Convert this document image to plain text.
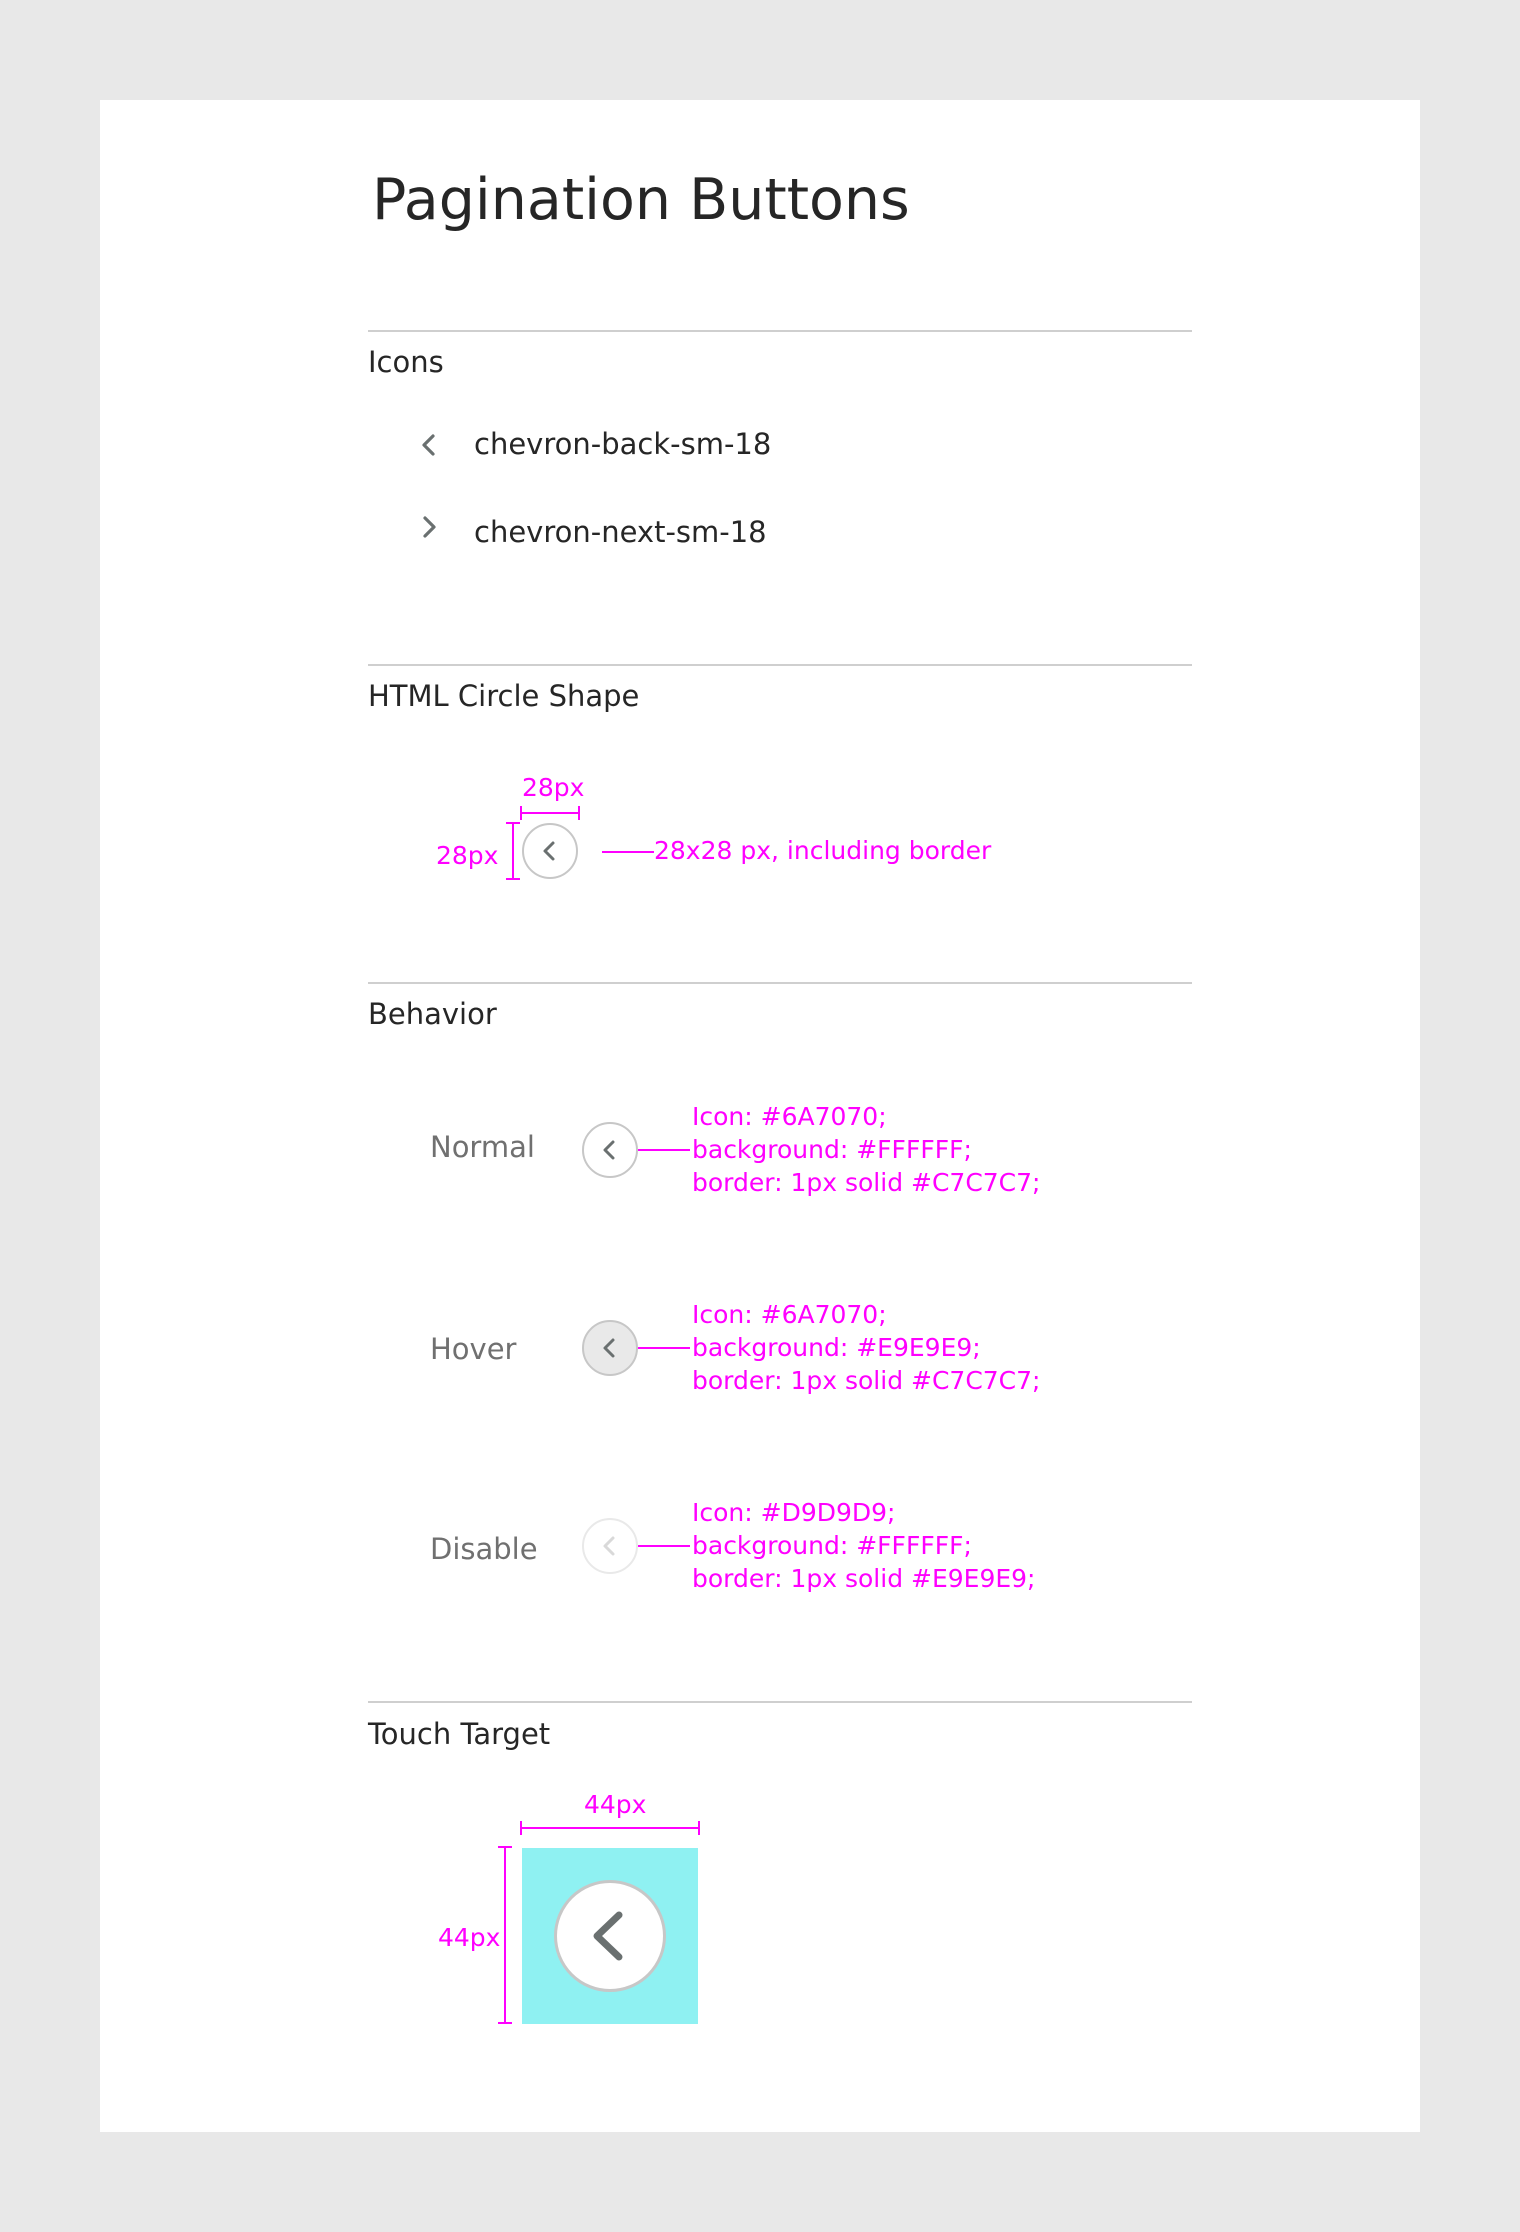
Pagination Buttons
Icons
chevron-back-sm-18
chevron-next-sm-18
HTML Circle Shape
28px
28px	28x28 px, including border
Behavior
Normal
Icon: #6A7070;
background: #FFFFFF;
border: 1px solid #C7C7C7;
Hover
Icon: #6A7070;
background: #E9E9E9;
border: 1px solid #C7C7C7;
Disable
Icon: #D9D9D9;
background: #FFFFFF;
border: 1px solid #E9E9E9;
Touch Target
44px
44px
